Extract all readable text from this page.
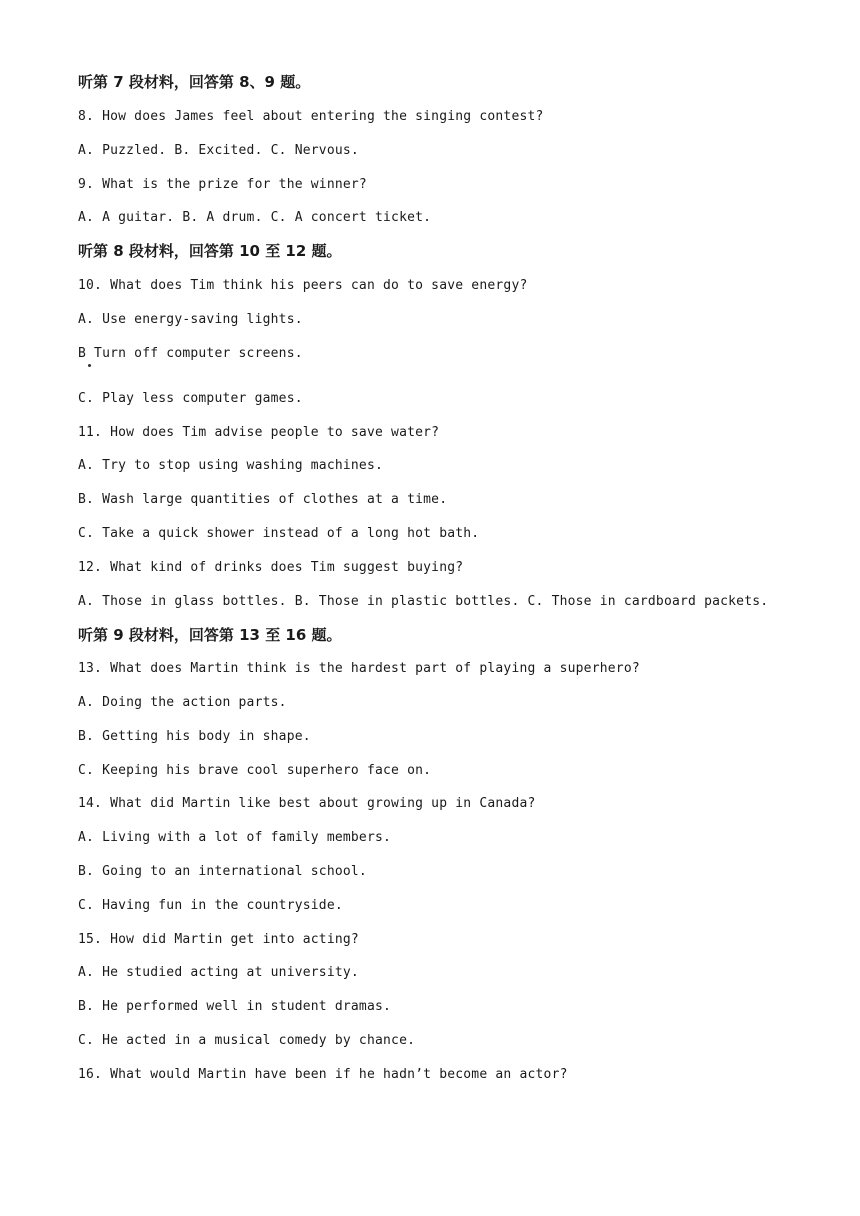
听第 7 段材料，回答第 8、9 题。
8. How does James feel about entering the singing contest?
A. Puzzled. B. Excited. C. Nervous.
9. What is the prize for the winner?
A. A guitar. B. A drum. C. A concert ticket.
听第 8 段材料，回答第 10 至 12 题。
10. What does Tim think his peers can do to save energy?
A. Use energy-saving lights.
B Turn off computer screens.
C. Play less computer games.
11. How does Tim advise people to save water?
A. Try to stop using washing machines.
B. Wash large quantities of clothes at a time.
C. Take a quick shower instead of a long hot bath.
12. What kind of drinks does Tim suggest buying?
A. Those in glass bottles. B. Those in plastic bottles. C. Those in cardboard packets.
听第 9 段材料，回答第 13 至 16 题。
13. What does Martin think is the hardest part of playing a superhero?
A. Doing the action parts.
B. Getting his body in shape.
C. Keeping his brave cool superhero face on.
14. What did Martin like best about growing up in Canada?
A. Living with a lot of family members.
B. Going to an international school.
C. Having fun in the countryside.
15. How did Martin get into acting?
A. He studied acting at university.
B. He performed well in student dramas.
C. He acted in a musical comedy by chance.
16. What would Martin have been if he hadn’t become an actor?
